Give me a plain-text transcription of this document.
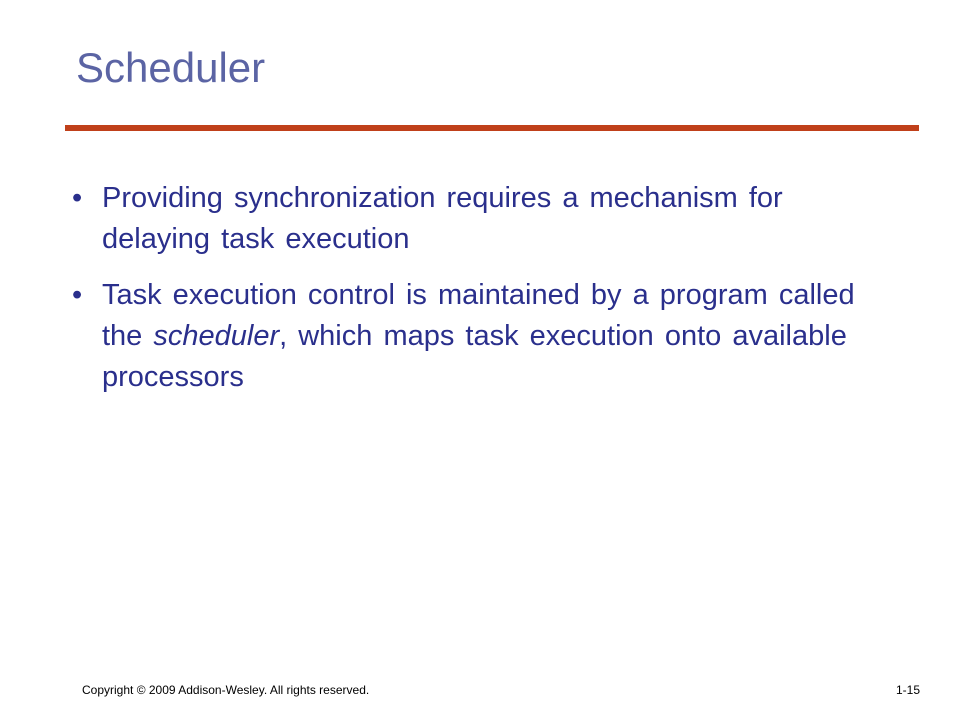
Scheduler
• Providing synchronization requires a mechanism for delaying task execution
• Task execution control is maintained by a program called the scheduler, which maps task execution onto available processors
Copyright © 2009 Addison-Wesley. All rights reserved.	1-15
